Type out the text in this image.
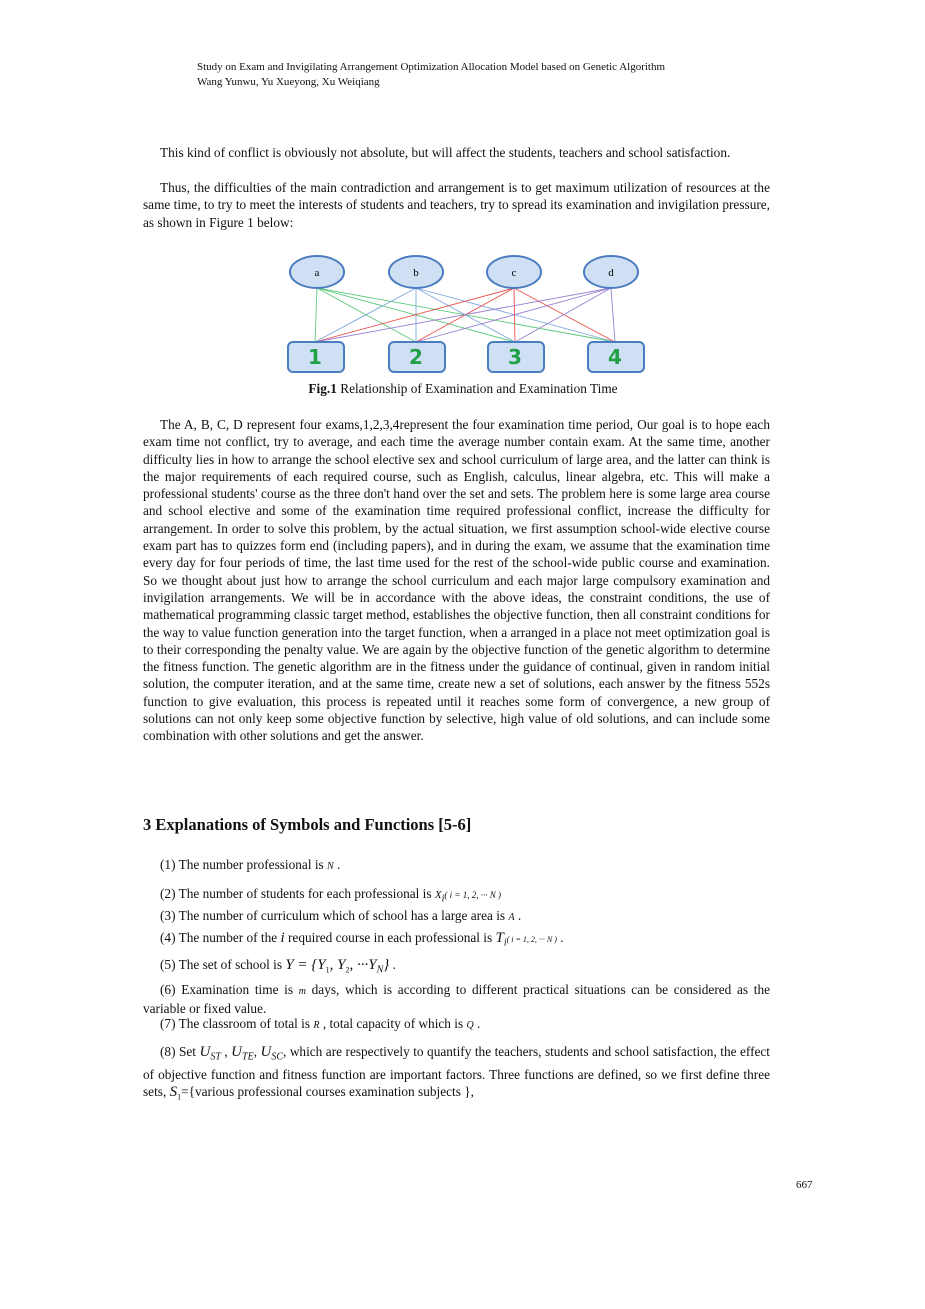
Study on Exam and Invigilating Arrangement Optimization Allocation Model based on Genetic Algorithm
Wang Yunwu, Yu Xueyong, Xu Weiqiang

This kind of conflict is obviously not absolute, but will affect the students, teachers and school satisfaction.

Thus, the difficulties of the main contradiction and arrangement is to get maximum utilization of resources at the same time, to try to meet the interests of students and teachers, try to spread its examination and invigilation pressure, as shown in Figure 1 below:

a	b	c	d
1	2	3	4
Fig.1 Relationship of Examination and Examination Time

The A, B, C, D represent four exams,1,2,3,4represent the four examination time period, Our goal is to hope each exam time not conflict, try to average, and each time the average number contain exam. At the same time, another difficulty lies in how to arrange the school elective sex and school curriculum of large area, and the latter can think is the major requirements of each required course, such as English, calculus, linear algebra, etc. This will make a professional students' course as the three don't hand over the set and sets. The problem here is some large area course and school elective and some of the examination time required professional conflict, increase the difficulty for arrangement. In order to solve this problem, by the actual situation, we first assumption school-wide elective course exam part has to quizzes form end (including papers), and in during the exam, we assume that the examination time every day for four periods of time, the last time used for the rest of the school-wide public course and examination. So we thought about just how to arrange the school curriculum and each major large compulsory examination and invigilation arrangements. We will be in accordance with the above ideas, the constraint conditions, the use of mathematical programming classic target method, establishes the objective function, then all constraint conditions for the way to value function generation into the target function, when a arranged in a place not meet optimization goal is to their corresponding the penalty value. We are again by the objective function of the genetic algorithm to determine the fitness function. The genetic algorithm are in the fitness under the guidance of continual, given in random initial solution, the computer iteration, and at the same time, create new a set of solutions, each answer by the fitness 552s function to give evaluation, this process is repeated until it reaches some form of convergence, a new group of solutions can not only keep some objective function by selective, high value of old solutions, and can include some combination with other solutions and get the answer.

3 Explanations of Symbols and Functions [5-6]
(1) The number professional is N .
(2) The number of students for each professional is $X_i$( i = 1, 2, ··· N )
(3) The number of curriculum which of school has a large area is A .
(4) The number of the i required course in each professional is $T_i$( i = 1, 2, ··· N ) .
(5) The set of school is $Y = \{Y_1$, $Y_2$, $\cdot\cdot\cdot Y_N$} .

(6) Examination time is m days, which is according to different practical situations can be considered as the variable or fixed value.

(7) The classroom of total is R , total capacity of which is Q .

(8) Set $U_{ST}$ , $U_{TE}$, $U_{SC}$, which are respectively to quantify the teachers, students and school satisfaction, the effect of objective function and fitness function are important factors. Three functions are defined, so we first define three sets, $S_1=\{various$ professional courses examination subjects },

667
